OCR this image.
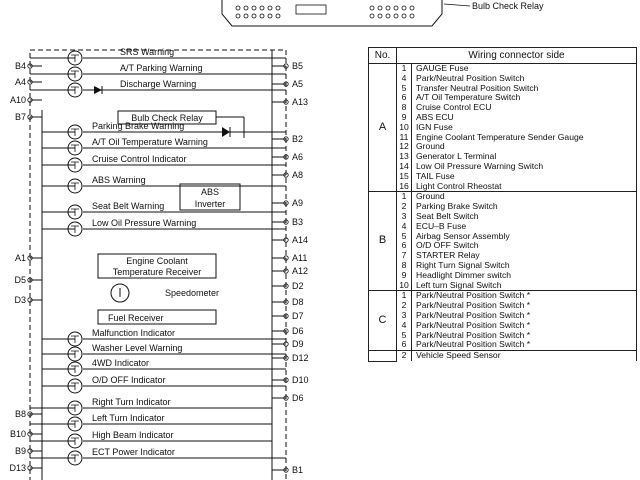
Bulb Check Relay
SRS Warning
A/T Parking Warning
Discharge Warning
Parking Brake Warning
A/T Oil Temperature Warning
Cruise Control Indicator
ABS Warning
Seat Belt Warning
Low Oil Pressure Warning
Malfunction Indicator
Washer Level Warning
4WD Indicator
O/D OFF Indicator
Right Turn Indicator
Left Turn Indicator
High Beam Indicator
ECT Power Indicator
B4
A4
A10
B7
A1
D5
D3
B8
B10
B9
D13
B5
A5
A13
B2
A6
A8
A9
B3
A14
A11
A12
D2
D8
D7
D6
D9
D12
D10
D6
B1
Bulb Check Relay
ABS
Inverter
Engine Coolant
Temperature Receiver
Speedometer
Fuel Receiver
No.	Wiring connector side	
A	1	GAUGE Fuse
	4	Park/Neutral Position Switch
	5	Transfer Neutral Position Switch
	6	A/T Oil Temperature Switch
	8	Cruise Control ECU
	9	ABS ECU
	10	IGN Fuse
	11	Engine Coolant Temperature Sender Gauge
	12	Ground
	13	Generator L Terminal
	14	Low Oil Pressure Warning Switch
	15	TAIL Fuse
	16	Light Control Rheostat
B	1	Ground
	2	Parking Brake Switch
	3	Seat Belt Switch
	4	ECU–B Fuse
	5	Airbag Sensor Assembly
	6	O/D OFF Switch
	7	STARTER Relay
	8	Right Turn Signal Switch
	9	Headlight Dimmer switch
	10	Left turn Signal Switch
C	1	Park/Neutral Position Switch *
	2	Park/Neutral Position Switch *
	3	Park/Neutral Position Switch *
	4	Park/Neutral Position Switch *
	5	Park/Neutral Position Switch *
	6	Park/Neutral Position Switch *
	2	Vehicle Speed Sensor
